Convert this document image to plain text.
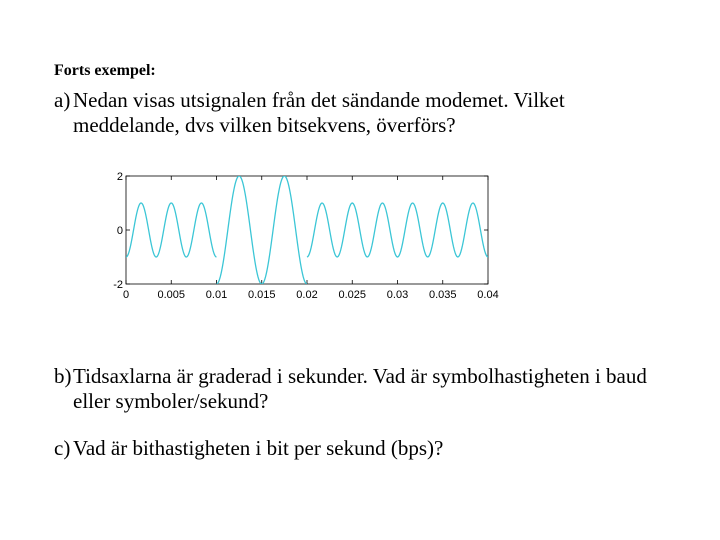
Forts exempel:
a) Nedan visas utsignalen från det sändande modemet. Vilket
meddelande, dvs vilken bitsekvens, överförs?
0	0.005 0.01 0.015 0.02 0.025 0.03 0.035 0.04
2
0
-2
b)Tidsaxlarna är graderad i sekunder. Vad är symbolhastigheten i baud
eller symboler/sekund?
c) Vad är bithastigheten i bit per sekund (bps)?
